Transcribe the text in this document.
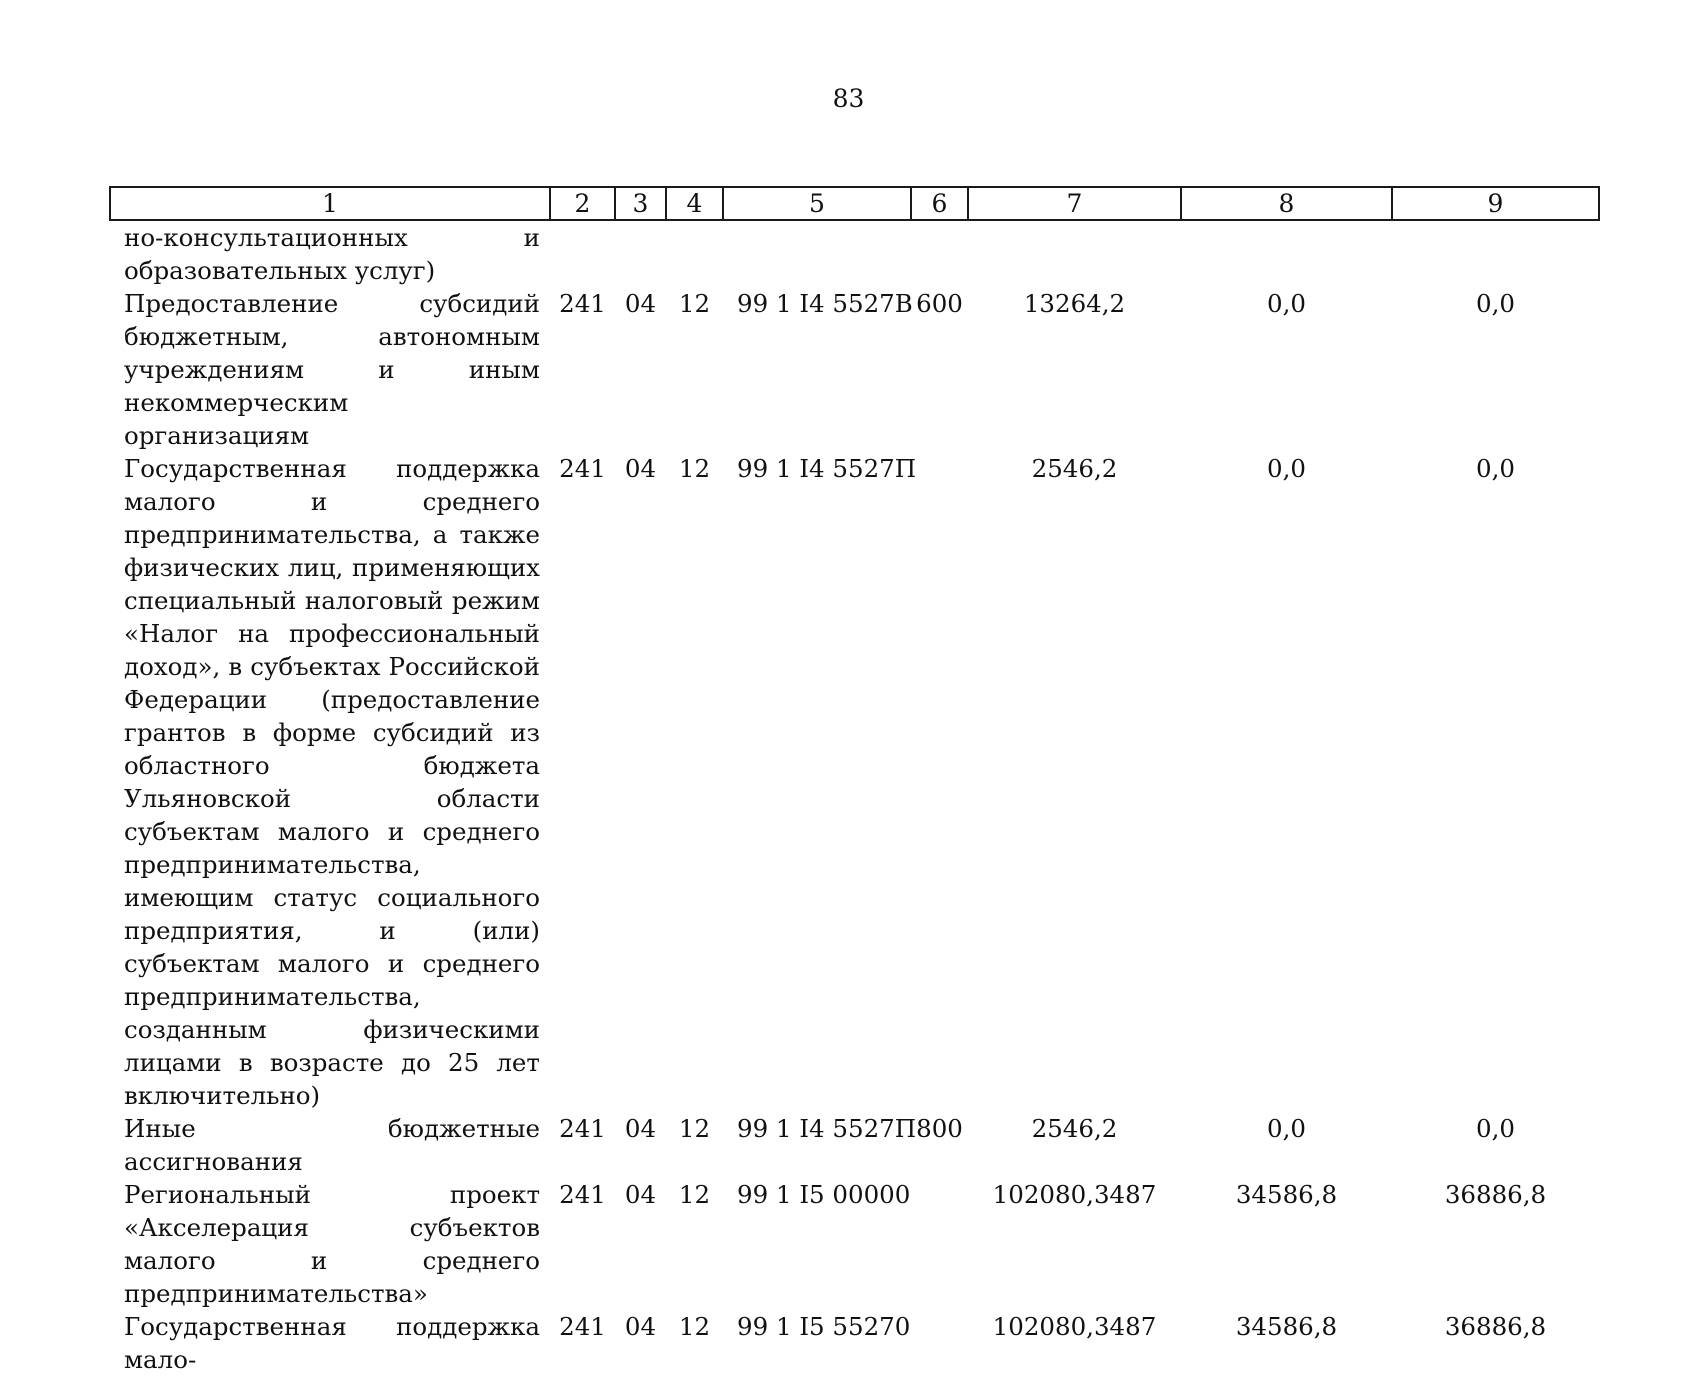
83
1	2	3	4	5	6	7	8	9
но-консультационных и образовательных услуг)								
Предоставление субсидий бюджетным, автономным учреждениям и иным некоммерческим организациям	241	04	12	99 1 I4 5527В	600	13264,2	0,0	0,0
Государственная поддержка малого и среднего предпринимательства, а также физических лиц, применяющих специальный налоговый режим «Налог на профессиональный доход», в субъектах Российской Федерации (предоставление грантов в форме субсидий из областного бюджета Ульяновской области субъектам малого и среднего предпринимательства, имеющим статус социального предприятия, и (или) субъектам малого и среднего предпринимательства, созданным физическими лицами в возрасте до 25 лет включительно)	241	04	12	99 1 I4 5527П		2546,2	0,0	0,0
Иные бюджетные ассигнования	241	04	12	99 1 I4 5527П	800	2546,2	0,0	0,0
Региональный проект «Акселерация субъектов малого и среднего предпринимательства»	241	04	12	99 1 I5 00000		102080,3487	34586,8	36886,8
Государственная поддержка мало-	241	04	12	99 1 I5 55270		102080,3487	34586,8	36886,8
